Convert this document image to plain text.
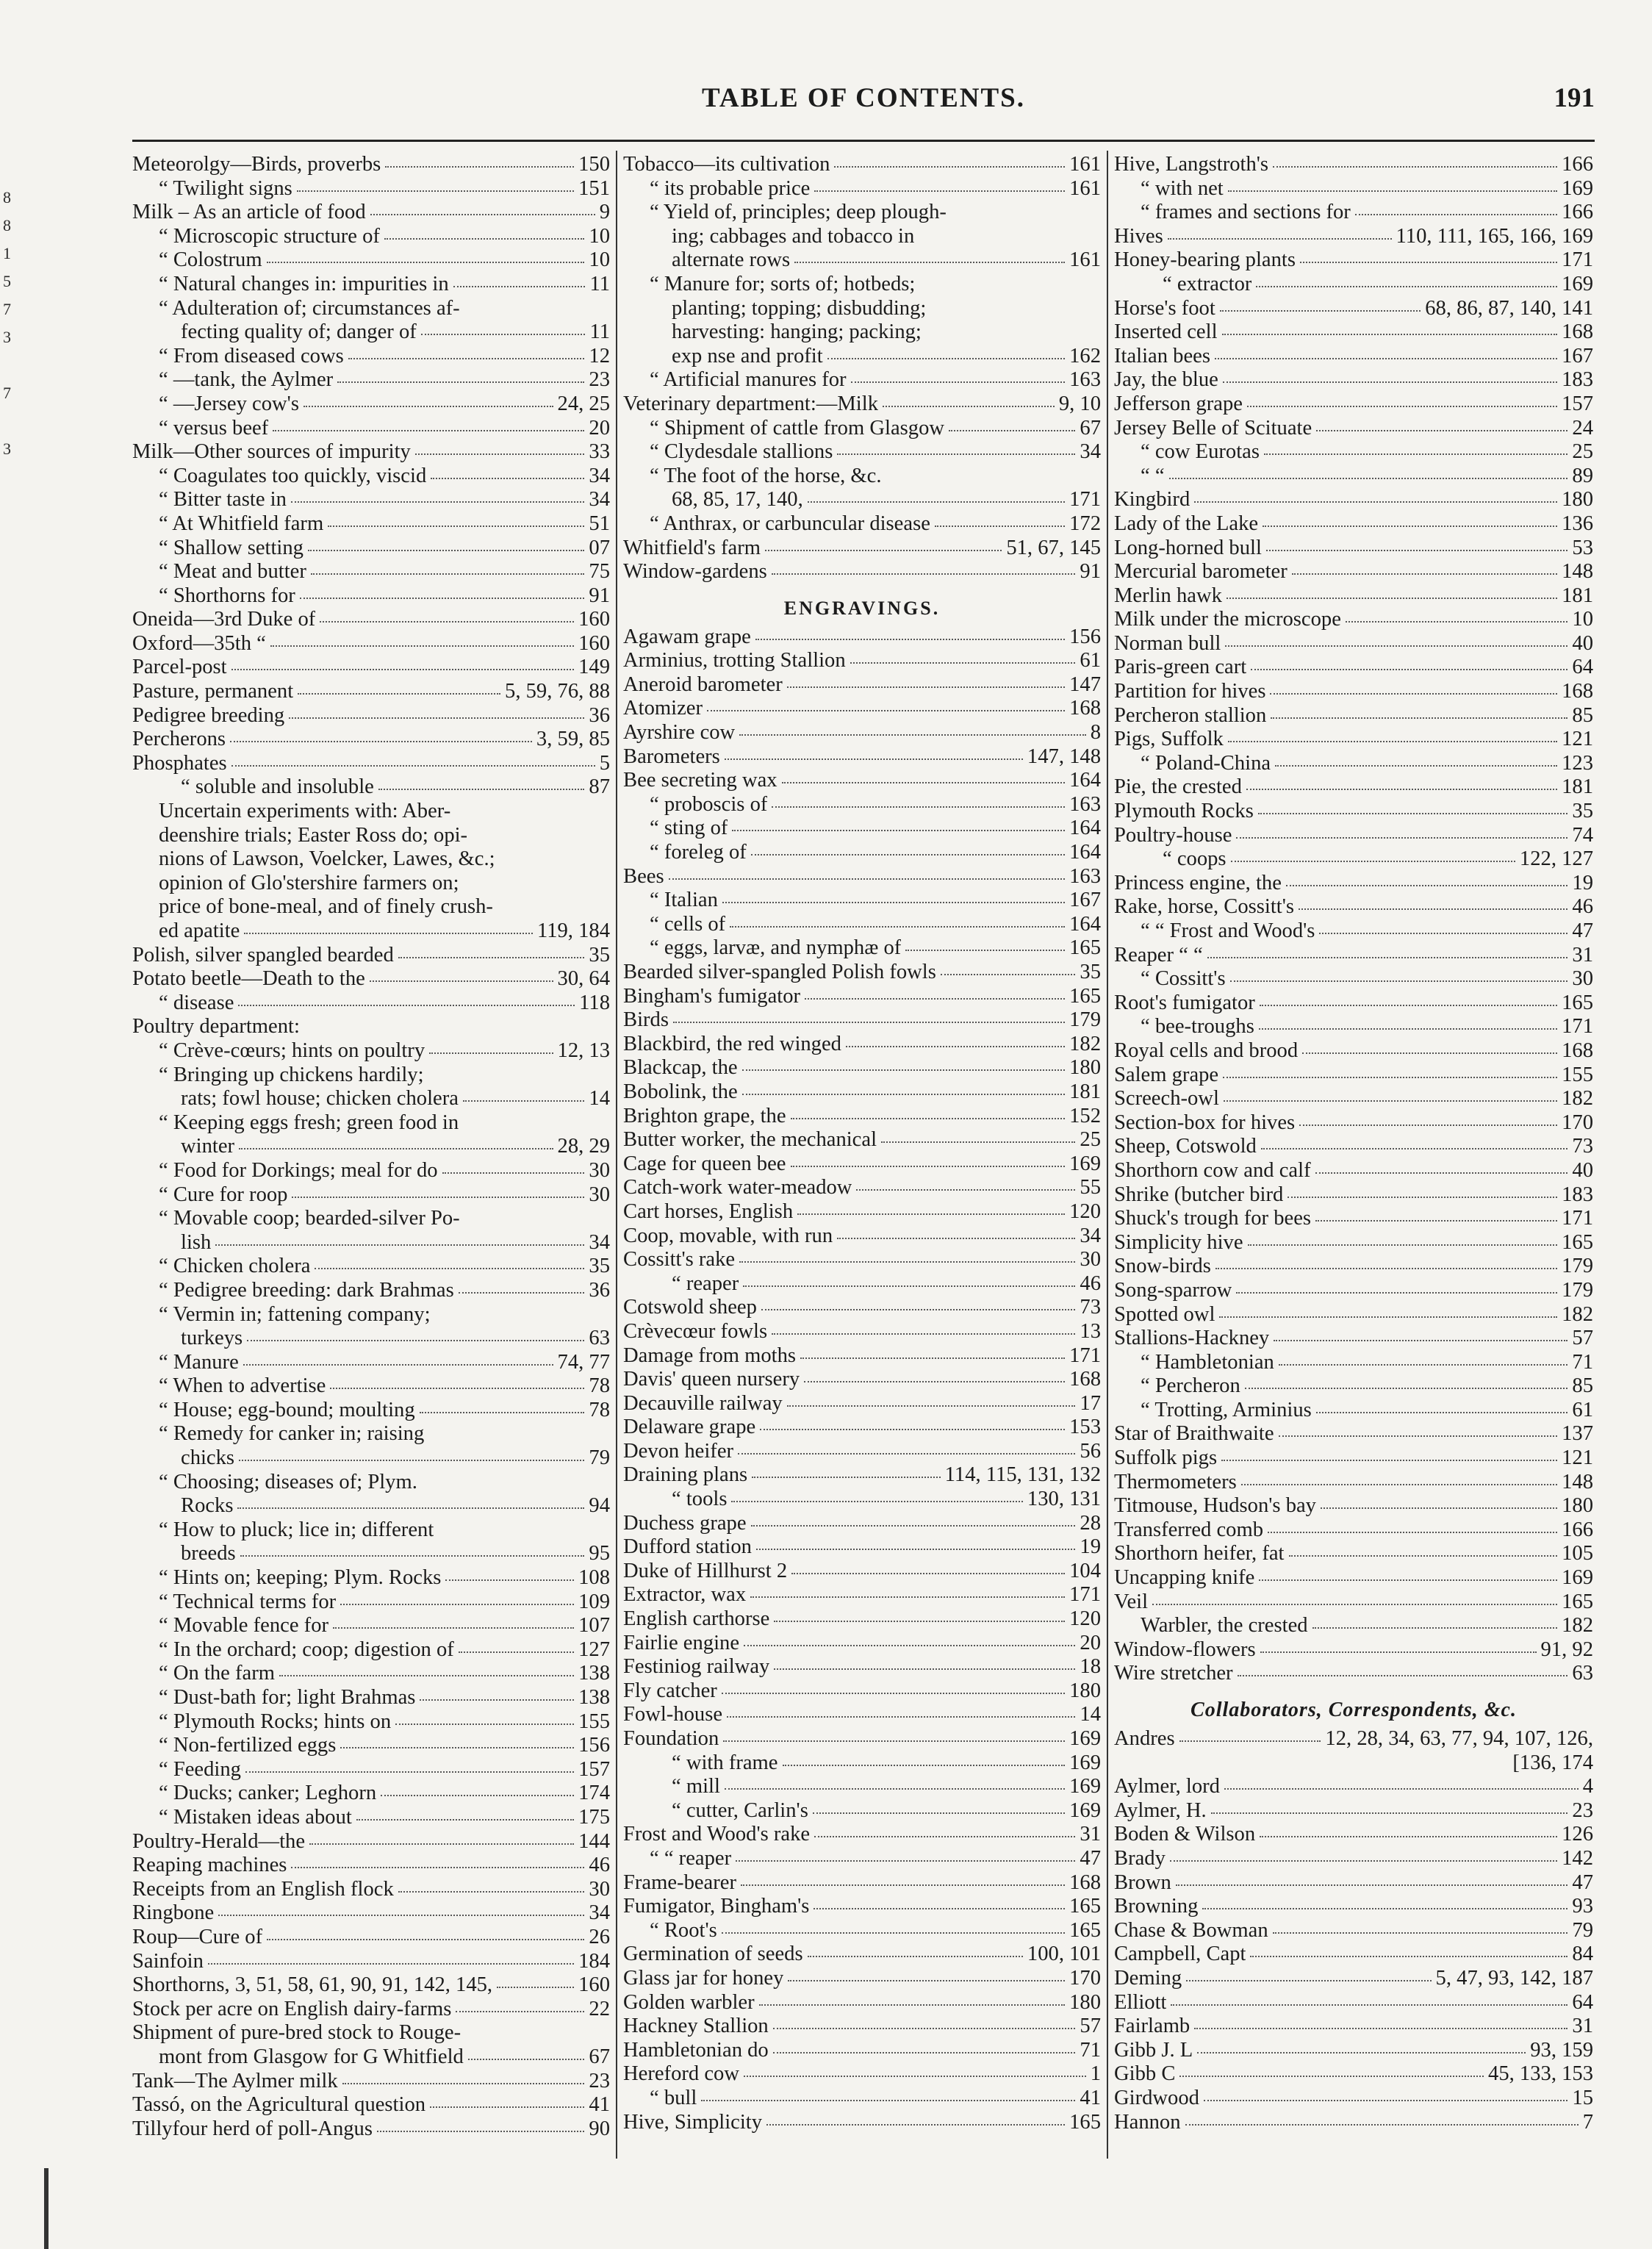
8
8
1
5
7
3
7
3
TABLE OF CONTENTS.	191
Meteorolgy—Birds, proverbs	150
“ Twilight signs	151
Milk – As an article of food	9
“ Microscopic structure of	10
“ Colostrum	10
“ Natural changes in: impurities in	11
“ Adulteration of; circumstances af-
fecting quality of; danger of	11
“ From diseased cows	12
“ —tank, the Aylmer	23
“ —Jersey cow's	24, 25
“ versus beef	20
Milk—Other sources of impurity	33
“ Coagulates too quickly, viscid	34
“ Bitter taste in	34
“ At Whitfield farm	51
“ Shallow setting	07
“ Meat and butter	75
“ Shorthorns for	91
Oneida—3rd Duke of	160
Oxford—35th “	160
Parcel-post	149
Pasture, permanent	5, 59, 76, 88
Pedigree breeding	36
Percherons	3, 59, 85
Phosphates	5
“ soluble and insoluble	87
Uncertain experiments with: Aber-
deenshire trials; Easter Ross do; opi-
nions of Lawson, Voelcker, Lawes, &c.;
opinion of Glo'stershire farmers on;
price of bone-meal, and of finely crush-
ed apatite	119, 184
Polish, silver spangled bearded	35
Potato beetle—Death to the	30, 64
“ disease	118
Poultry department:
“ Crève-cœurs; hints on poultry	12, 13
“ Bringing up chickens hardily;
rats; fowl house; chicken cholera	14
“ Keeping eggs fresh; green food in
winter	28, 29
“ Food for Dorkings; meal for do	30
“ Cure for roop	30
“ Movable coop; bearded-silver Po-
lish	34
“ Chicken cholera	35
“ Pedigree breeding: dark Brahmas	36
“ Vermin in; fattening company;
turkeys	63
“ Manure	74, 77
“ When to advertise	78
“ House; egg-bound; moulting	78
“ Remedy for canker in; raising
chicks	79
“ Choosing; diseases of; Plym.
Rocks	94
“ How to pluck; lice in; different
breeds	95
“ Hints on; keeping; Plym. Rocks	108
“ Technical terms for	109
“ Movable fence for	107
“ In the orchard; coop; digestion of	127
“ On the farm	138
“ Dust-bath for; light Brahmas	138
“ Plymouth Rocks; hints on	155
“ Non-fertilized eggs	156
“ Feeding	157
“ Ducks; canker; Leghorn	174
“ Mistaken ideas about	175
Poultry-Herald—the	144
Reaping machines	46
Receipts from an English flock	30
Ringbone	34
Roup—Cure of	26
Sainfoin	184
Shorthorns, 3, 51, 58, 61, 90, 91, 142, 145,	160
Stock per acre on English dairy-farms	22
Shipment of pure-bred stock to Rouge-
mont from Glasgow for G Whitfield	67
Tank—The Aylmer milk	23
Tassó, on the Agricultural question	41
Tillyfour herd of poll-Angus	90
Tobacco—its cultivation	161
“ its probable price	161
“ Yield of, principles; deep plough-
ing; cabbages and tobacco in
alternate rows	161
“ Manure for; sorts of; hotbeds;
planting; topping; disbudding;
harvesting: hanging; packing;
exp nse and profit	162
“ Artificial manures for	163
Veterinary department:—Milk	9, 10
“ Shipment of cattle from Glasgow	67
“ Clydesdale stallions	34
“ The foot of the horse, &c.
68, 85, 17, 140,	171
“ Anthrax, or carbuncular disease	172
Whitfield's farm	51, 67, 145
Window-gardens	91
ENGRAVINGS.
Agawam grape	156
Arminius, trotting Stallion	61
Aneroid barometer	147
Atomizer	168
Ayrshire cow	8
Barometers	147, 148
Bee secreting wax	164
“ proboscis of	163
“ sting of	164
“ foreleg of	164
Bees	163
“ Italian	167
“ cells of	164
“ eggs, larvæ, and nymphæ of	165
Bearded silver-spangled Polish fowls	35
Bingham's fumigator	165
Birds	179
Blackbird, the red winged	182
Blackcap, the	180
Bobolink, the	181
Brighton grape, the	152
Butter worker, the mechanical	25
Cage for queen bee	169
Catch-work water-meadow	55
Cart horses, English	120
Coop, movable, with run	34
Cossitt's rake	30
“ reaper	46
Cotswold sheep	73
Crèvecœur fowls	13
Damage from moths	171
Davis' queen nursery	168
Decauville railway	17
Delaware grape	153
Devon heifer	56
Draining plans	114, 115, 131, 132
“ tools	130, 131
Duchess grape	28
Dufford station	19
Duke of Hillhurst 2	104
Extractor, wax	171
English carthorse	120
Fairlie engine	20
Festiniog railway	18
Fly catcher	180
Fowl-house	14
Foundation	169
“ with frame	169
“ mill	169
“ cutter, Carlin's	169
Frost and Wood's rake	31
“ “ reaper	47
Frame-bearer	168
Fumigator, Bingham's	165
“ Root's	165
Germination of seeds	100, 101
Glass jar for honey	170
Golden warbler	180
Hackney Stallion	57
Hambletonian do	71
Hereford cow	1
“ bull	41
Hive, Simplicity	165
Hive, Langstroth's	166
“ with net	169
“ frames and sections for	166
Hives	110, 111, 165, 166, 169
Honey-bearing plants	171
“ extractor	169
Horse's foot	68, 86, 87, 140, 141
Inserted cell	168
Italian bees	167
Jay, the blue	183
Jefferson grape	157
Jersey Belle of Scituate	24
“ cow Eurotas	25
“ “	89
Kingbird	180
Lady of the Lake	136
Long-horned bull	53
Mercurial barometer	148
Merlin hawk	181
Milk under the microscope	10
Norman bull	40
Paris-green cart	64
Partition for hives	168
Percheron stallion	85
Pigs, Suffolk	121
“ Poland-China	123
Pie, the crested	181
Plymouth Rocks	35
Poultry-house	74
“ coops	122, 127
Princess engine, the	19
Rake, horse, Cossitt's	46
“ “ Frost and Wood's	47
Reaper “ “	31
“ Cossitt's	30
Root's fumigator	165
“ bee-troughs	171
Royal cells and brood	168
Salem grape	155
Screech-owl	182
Section-box for hives	170
Sheep, Cotswold	73
Shorthorn cow and calf	40
Shrike (butcher bird	183
Shuck's trough for bees	171
Simplicity hive	165
Snow-birds	179
Song-sparrow	179
Spotted owl	182
Stallions-Hackney	57
“ Hambletonian	71
“ Percheron	85
“ Trotting, Arminius	61
Star of Braithwaite	137
Suffolk pigs	121
Thermometers	148
Titmouse, Hudson's bay	180
Transferred comb	166
Shorthorn heifer, fat	105
Uncapping knife	169
Veil	165
Warbler, the crested	182
Window-flowers	91, 92
Wire stretcher	63
Collaborators, Correspondents, &c.
Andres	12, 28, 34, 63, 77, 94, 107, 126,
[136, 174
Aylmer, lord	4
Aylmer, H.	23
Boden & Wilson	126
Brady	142
Brown	47
Browning	93
Chase & Bowman	79
Campbell, Capt	84
Deming	5, 47, 93, 142, 187
Elliott	64
Fairlamb	31
Gibb J. L	93, 159
Gibb C	45, 133, 153
Girdwood	15
Hannon	7
